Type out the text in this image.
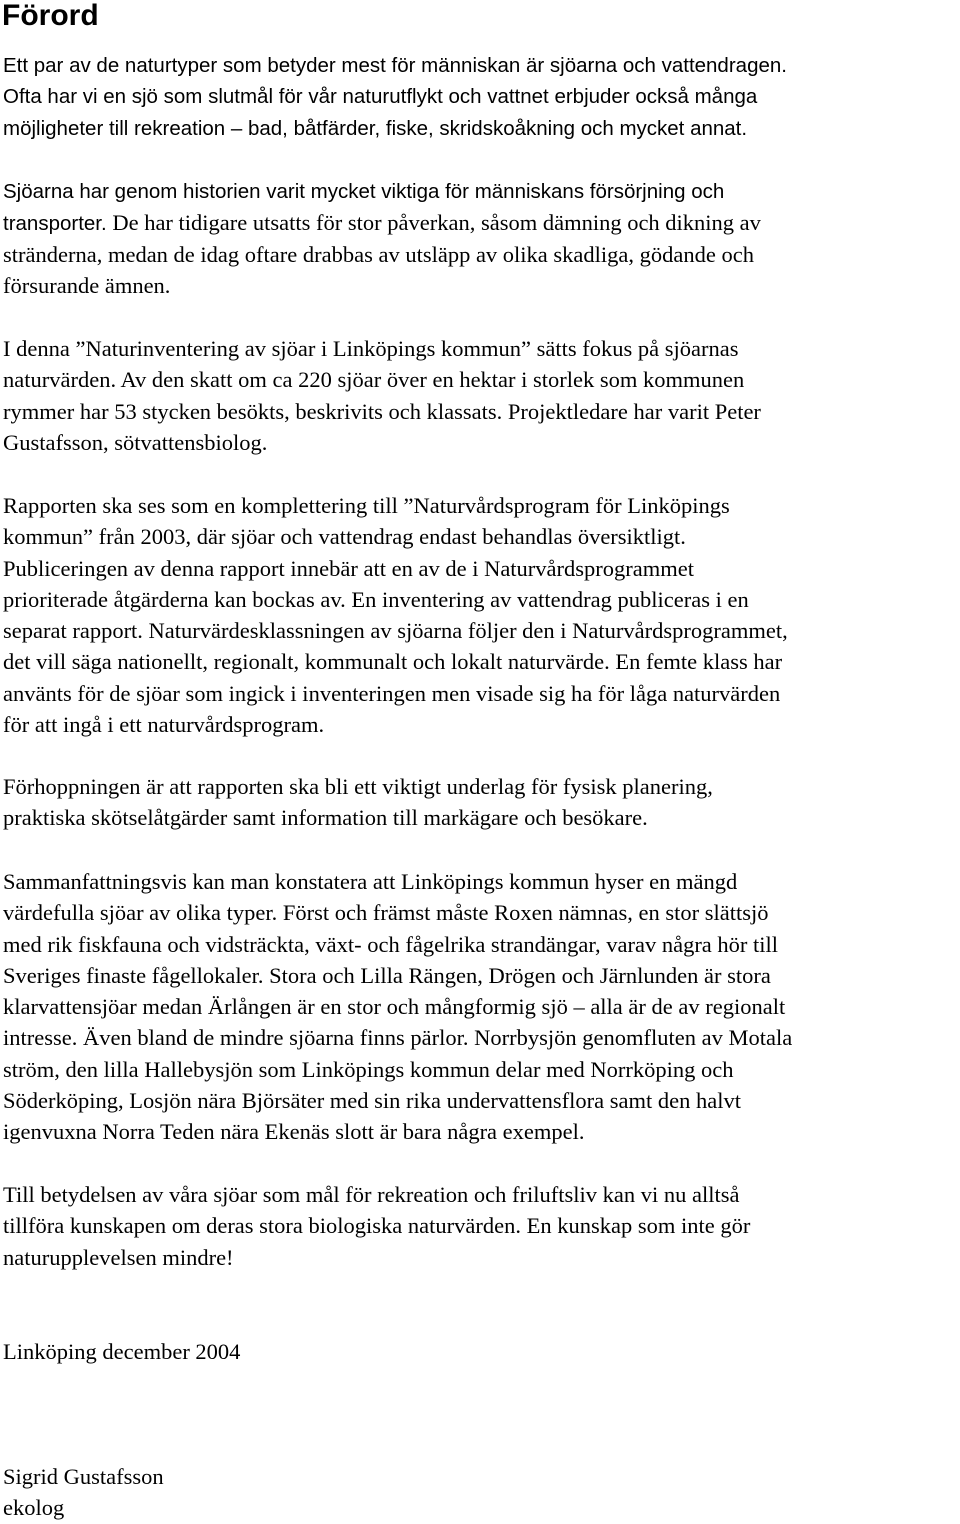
Förord
Ett par av de naturtyper som betyder mest för människan är sjöarna och vattendragen.
Ofta har vi en sjö som slutmål för vår naturutflykt och vattnet erbjuder också många
möjligheter till rekreation – bad, båtfärder, fiske, skridskoåkning och mycket annat.
Sjöarna har genom historien varit mycket viktiga för människans försörjning och
transporter. De har tidigare utsatts för stor påverkan, såsom dämning och dikning av
stränderna, medan de idag oftare drabbas av utsläpp av olika skadliga, gödande och
försurande ämnen.
I denna ”Naturinventering av sjöar i Linköpings kommun” sätts fokus på sjöarnas
naturvärden. Av den skatt om ca 220 sjöar över en hektar i storlek som kommunen
rymmer har 53 stycken besökts, beskrivits och klassats. Projektledare har varit Peter
Gustafsson, sötvattensbiolog.
Rapporten ska ses som en komplettering till ”Naturvårdsprogram för Linköpings
kommun” från 2003, där sjöar och vattendrag endast behandlas översiktligt.
Publiceringen av denna rapport innebär att en av de i Naturvårdsprogrammet
prioriterade åtgärderna kan bockas av. En inventering av vattendrag publiceras i en
separat rapport. Naturvärdesklassningen av sjöarna följer den i Naturvårdsprogrammet,
det vill säga nationellt, regionalt, kommunalt och lokalt naturvärde. En femte klass har
använts för de sjöar som ingick i inventeringen men visade sig ha för låga naturvärden
för att ingå i ett naturvårdsprogram.
Förhoppningen är att rapporten ska bli ett viktigt underlag för fysisk planering,
praktiska skötselåtgärder samt information till markägare och besökare.
Sammanfattningsvis kan man konstatera att Linköpings kommun hyser en mängd
värdefulla sjöar av olika typer. Först och främst måste Roxen nämnas, en stor slättsjö
med rik fiskfauna och vidsträckta, växt- och fågelrika strandängar, varav några hör till
Sveriges finaste fågellokaler. Stora och Lilla Rängen, Drögen och Järnlunden är stora
klarvattensjöar medan Ärlången är en stor och mångformig sjö – alla är de av regionalt
intresse. Även bland de mindre sjöarna finns pärlor. Norrbysjön genomfluten av Motala
ström, den lilla Hallebysjön som Linköpings kommun delar med Norrköping och
Söderköping, Losjön nära Björsäter med sin rika undervattensflora samt den halvt
igenvuxna Norra Teden nära Ekenäs slott är bara några exempel.
Till betydelsen av våra sjöar som mål för rekreation och friluftsliv kan vi nu alltså
tillföra kunskapen om deras stora biologiska naturvärden. En kunskap som inte gör
naturupplevelsen mindre!
Linköping december 2004
Sigrid Gustafsson
ekolog
